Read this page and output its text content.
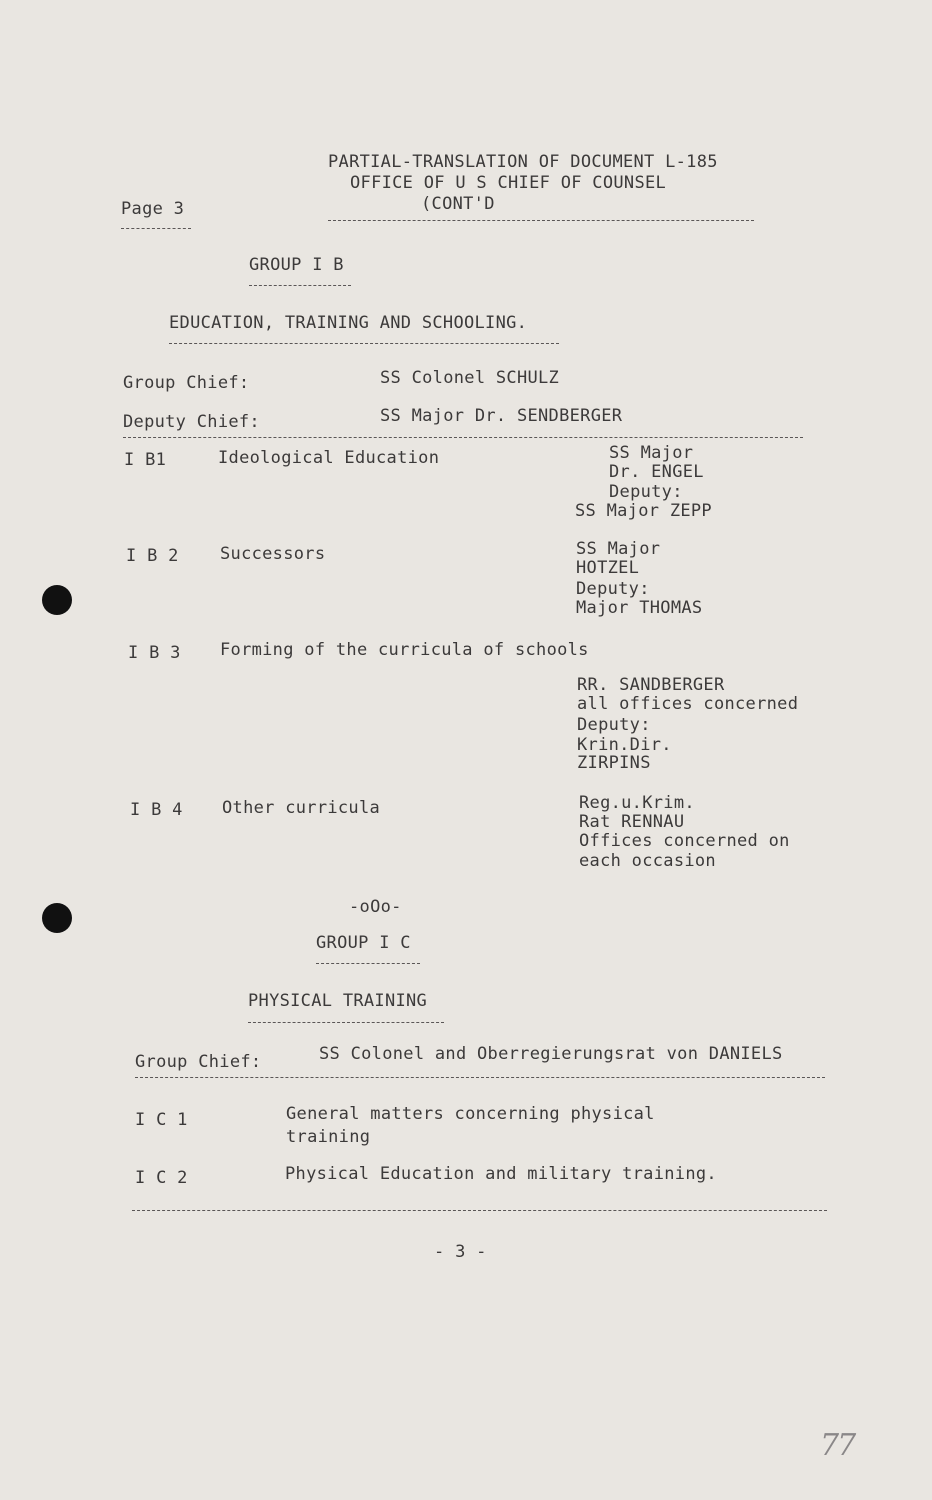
PARTIAL-TRANSLATION OF DOCUMENT L-185
OFFICE OF U S CHIEF OF COUNSEL
(CONT'D
Page 3
GROUP I B
EDUCATION, TRAINING AND SCHOOLING.
Group Chief:	SS Colonel SCHULZ
Deputy Chief:	SS Major Dr. SENDBERGER
I B1	Ideological Education	SS Major
Dr. ENGEL
Deputy:
SS Major ZEPP
I B 2 Successors	SS Major
HOTZEL
Deputy:
Major THOMAS
I B 3 Forming of the curricula of schools
RR. SANDBERGER
all offices concerned
Deputy:
Krin.Dir.
ZIRPINS
I B 4 Other curricula	Reg.u.Krim.
Rat RENNAU
Offices concerned on
each occasion
-oOo-
GROUP I C
PHYSICAL TRAINING
Group Chief:	SS Colonel and Oberregierungsrat von DANIELS
I C 1	General matters concerning physical
training
I C 2	Physical Education and military training.
- 3 -
77
